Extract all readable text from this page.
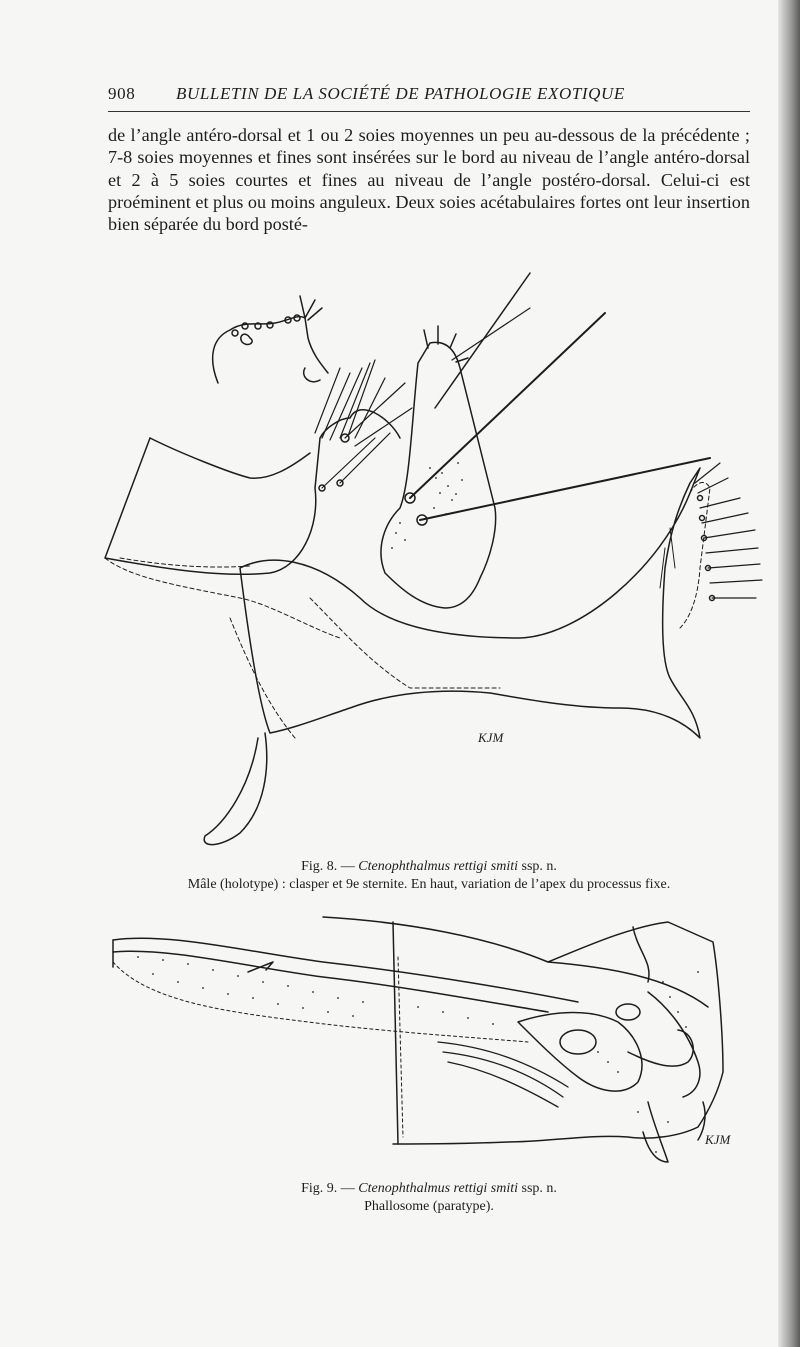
908 BULLETIN DE LA SOCIÉTÉ DE PATHOLOGIE EXOTIQUE

de l’angle antéro-dorsal et 1 ou 2 soies moyennes un peu au-dessous de la précédente ; 7-8 soies moyennes et fines sont insérées sur le bord au niveau de l’angle antéro-dorsal et 2 à 5 soies courtes et fines au niveau de l’angle postéro-dorsal. Celui-ci est proéminent et plus ou moins anguleux. Deux soies acétabulaires fortes ont leur insertion bien séparée du bord posté-

KJM
Fig. 8. — Ctenophthalmus rettigi smiti ssp. n.
Mâle (holotype) : clasper et 9e sternite. En haut, variation de l’apex du processus fixe.
KJM
Fig. 9. — Ctenophthalmus rettigi smiti ssp. n.
Phallosome (paratype).
